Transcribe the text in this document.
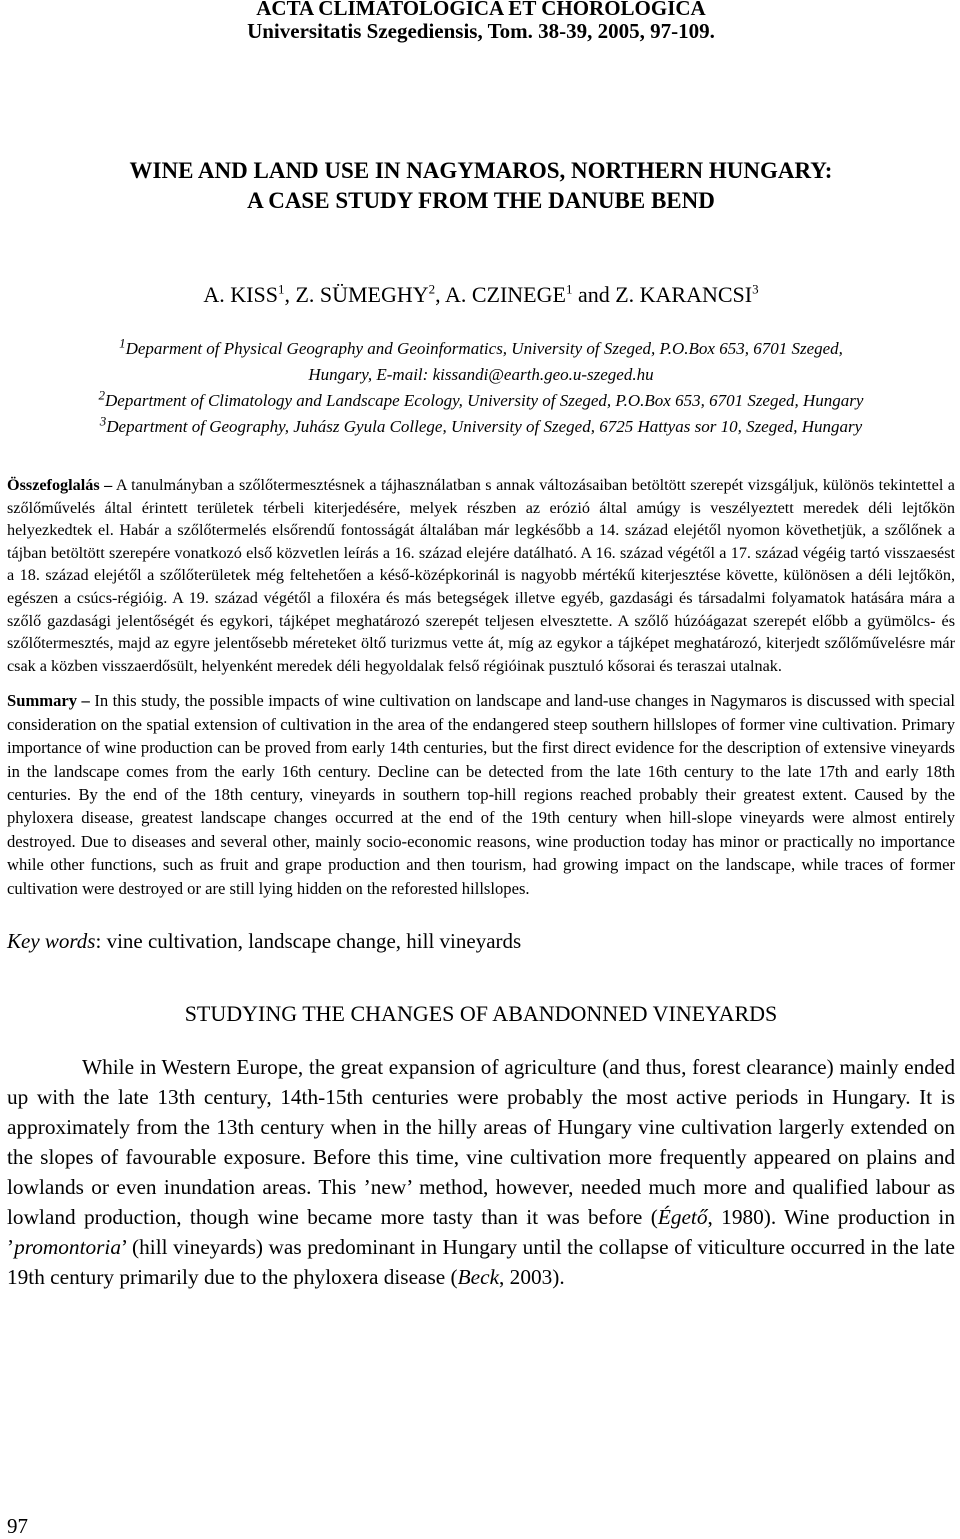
ACTA CLIMATOLOGICA ET CHOROLOGICA
Universitatis Szegediensis, Tom. 38-39, 2005, 97-109.
WINE AND LAND USE IN NAGYMAROS, NORTHERN HUNGARY:
A CASE STUDY FROM THE DANUBE BEND
A. KISS$^1$, Z. SÜMEGHY$^2$, A. CZINEGE$^1$ and Z. KARANCSI$^3$
$^1$Deparment of Physical Geography and Geoinformatics, University of Szeged, P.O.Box 653, 6701 Szeged,
Hungary, E-mail: kissandi@earth.geo.u-szeged.hu
$^2$Department of Climatology and Landscape Ecology, University of Szeged, P.O.Box 653, 6701 Szeged, Hungary
$^3$Department of Geography, Juhász Gyula College, University of Szeged, 6725 Hattyas sor 10, Szeged, Hungary
Összefoglalás – A tanulmányban a szőlőtermesztésnek a tájhasználatban s annak változásaiban betöltött szerepét vizsgáljuk, különös tekintettel a szőlőművelés által érintett területek térbeli kiterjedésére, melyek részben az erózió által amúgy is veszélyeztett meredek déli lejtőkön helyezkedtek el. Habár a szőlőtermelés elsőrendű fontosságát általában már legkésőbb a 14. század elejétől nyomon követhetjük, a szőlőnek a tájban betöltött szerepére vonatkozó első közvetlen leírás a 16. század elejére datálható. A 16. század végétől a 17. század végéig tartó visszaesést a 18. század elejétől a szőlőterületek még feltehetően a késő-középkorinál is nagyobb mértékű kiterjesztése követte, különösen a déli lejtőkön, egészen a csúcs-régióig. A 19. század végétől a filoxéra és más betegségek illetve egyéb, gazdasági és társadalmi folyamatok hatására mára a szőlő gazdasági jelentőségét és egykori, tájképet meghatározó szerepét teljesen elvesztette. A szőlő húzóágazat szerepét előbb a gyümölcs- és szőlőtermesztés, majd az egyre jelentősebb méreteket öltő turizmus vette át, míg az egykor a tájképet meghatározó, kiterjedt szőlőművelésre már csak a közben visszaerdősült, helyenként meredek déli hegyoldalak felső régióinak pusztuló kősorai és teraszai utalnak.
Summary – In this study, the possible impacts of wine cultivation on landscape and land-use changes in Nagymaros is discussed with special consideration on the spatial extension of cultivation in the area of the endangered steep southern hillslopes of former vine cultivation. Primary importance of wine production can be proved from early 14th centuries, but the first direct evidence for the description of extensive vineyards in the landscape comes from the early 16th century. Decline can be detected from the late 16th century to the late 17th and early 18th centuries. By the end of the 18th century, vineyards in southern top-hill regions reached probably their greatest extent. Caused by the phyloxera disease, greatest landscape changes occurred at the end of the 19th century when hill-slope vineyards were almost entirely destroyed. Due to diseases and several other, mainly socio-economic reasons, wine production today has minor or practically no importance while other functions, such as fruit and grape production and then tourism, had growing impact on the landscape, while traces of former cultivation were destroyed or are still lying hidden on the reforested hillslopes.
Key words: vine cultivation, landscape change, hill vineyards
STUDYING THE CHANGES OF ABANDONNED VINEYARDS
While in Western Europe, the great expansion of agriculture (and thus, forest clearance) mainly ended up with the late 13th century, 14th-15th centuries were probably the most active periods in Hungary. It is approximately from the 13th century when in the hilly areas of Hungary vine cultivation largerly extended on the slopes of favourable exposure. Before this time, vine cultivation more frequently appeared on plains and lowlands or even inundation areas. This ’new’ method, however, needed much more and qualified labour as lowland production, though wine became more tasty than it was before (Égető, 1980). Wine production in ’promontoria’ (hill vineyards) was predominant in Hungary until the collapse of viticulture occurred in the late 19th century primarily due to the phyloxera disease (Beck, 2003).
97
